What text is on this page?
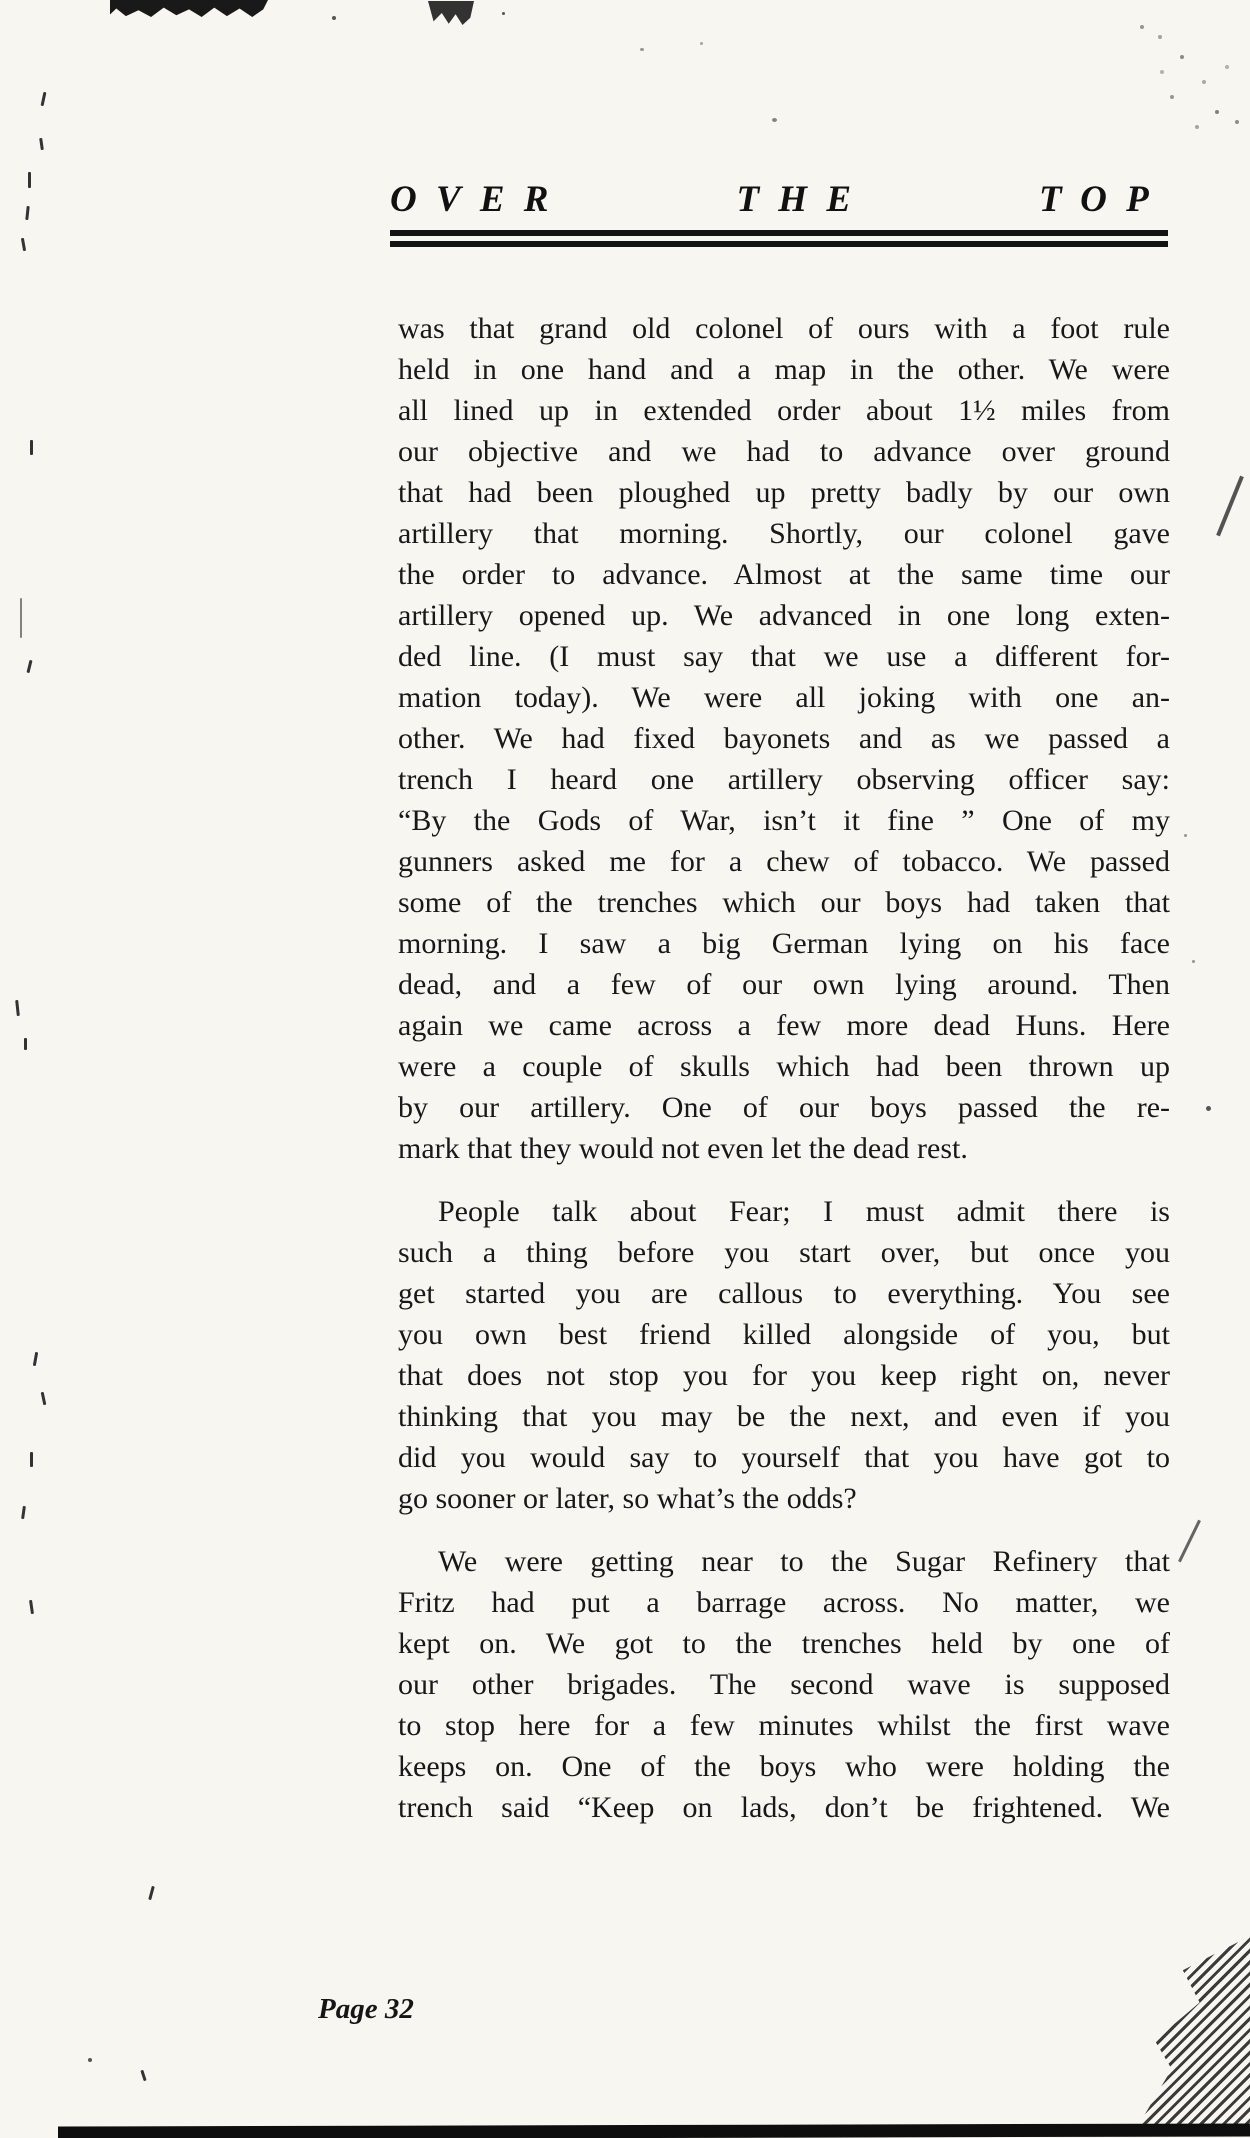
OVER	THE	TOP
was that grand old colonel of ours with a foot rule
held in one hand and a map in the other. We were
all lined up in extended order about 1½ miles from
our objective and we had to advance over ground
that had been ploughed up pretty badly by our own
artillery that morning. Shortly, our colonel gave
the order to advance. Almost at the same time our
artillery opened up. We advanced in one long exten-
ded line. (I must say that we use a different for-
mation today). We were all joking with one an-
other. We had fixed bayonets and as we passed a
trench I heard one artillery observing officer say:
“By the Gods of War, isn’t it fine ” One of my
gunners asked me for a chew of tobacco. We passed
some of the trenches which our boys had taken that
morning. I saw a big German lying on his face
dead, and a few of our own lying around. Then
again we came across a few more dead Huns. Here
were a couple of skulls which had been thrown up
by our artillery. One of our boys passed the re-
mark that they would not even let the dead rest.
People talk about Fear; I must admit there is
such a thing before you start over, but once you
get started you are callous to everything. You see
you own best friend killed alongside of you, but
that does not stop you for you keep right on, never
thinking that you may be the next, and even if you
did you would say to yourself that you have got to
go sooner or later, so what’s the odds?
We were getting near to the Sugar Refinery that
Fritz had put a barrage across. No matter, we
kept on. We got to the trenches held by one of
our other brigades. The second wave is supposed
to stop here for a few minutes whilst the first wave
keeps on. One of the boys who were holding the
trench said “Keep on lads, don’t be frightened. We
Page 32
